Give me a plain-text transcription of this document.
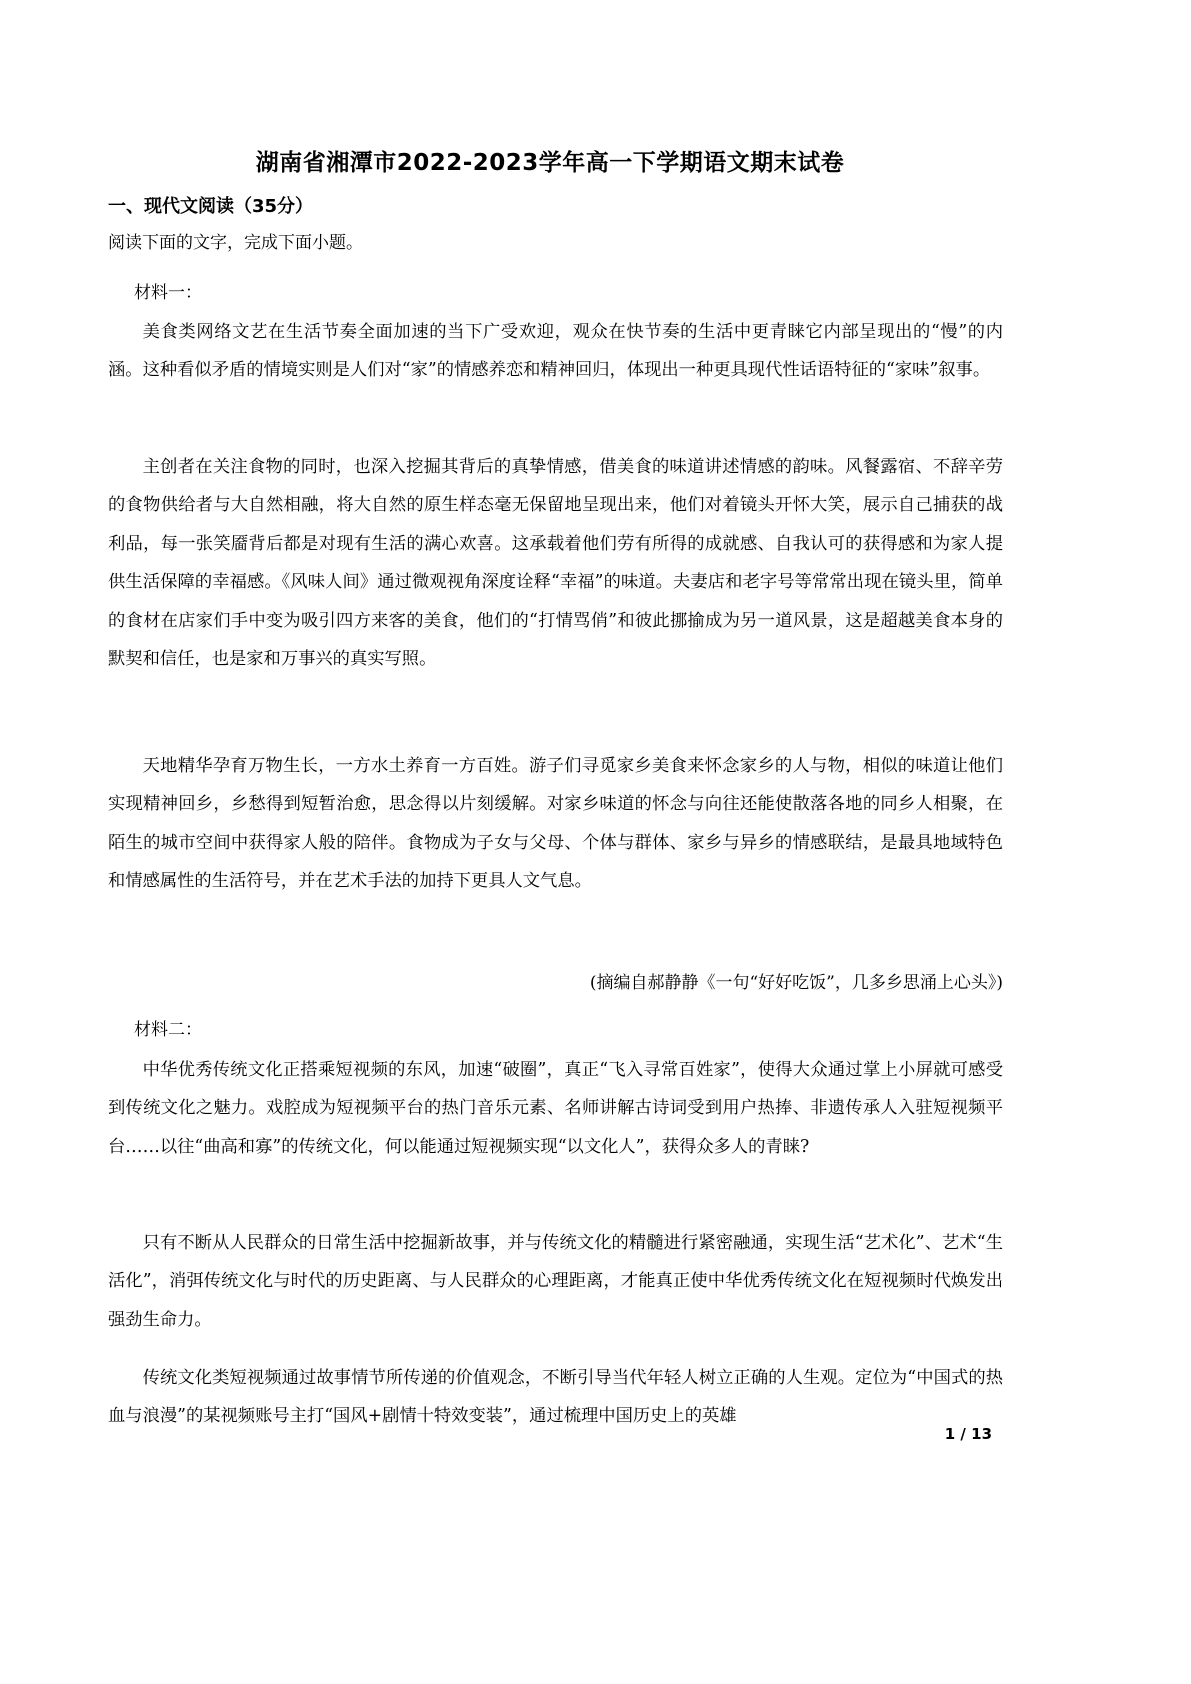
湖南省湘潭市2022-2023学年高一下学期语文期末试卷
一、现代文阅读（35分）
阅读下面的文字，完成下面小题。
材料一：

美食类网络文艺在生活节奏全面加速的当下广受欢迎，观众在快节奏的生活中更青睐它内部呈现出的“慢”的内涵。这种看似矛盾的情境实则是人们对“家”的情感养恋和精神回归，体现出一种更具现代性话语特征的“家味”叙事。

主创者在关注食物的同时，也深入挖掘其背后的真挚情感，借美食的味道讲述情感的韵味。风餐露宿、不辞辛劳的食物供给者与大自然相融，将大自然的原生样态毫无保留地呈现出来，他们对着镜头开怀大笑，展示自己捕获的战利品，每一张笑靥背后都是对现有生活的满心欢喜。这承载着他们劳有所得的成就感、自我认可的获得感和为家人提供生活保障的幸福感。《风味人间》通过微观视角深度诠释“幸福”的味道。夫妻店和老字号等常常出现在镜头里，简单的食材在店家们手中变为吸引四方来客的美食，他们的“打情骂俏”和彼此挪揄成为另一道风景，这是超越美食本身的默契和信任，也是家和万事兴的真实写照。

天地精华孕育万物生长，一方水土养育一方百姓。游子们寻觅家乡美食来怀念家乡的人与物，相似的味道让他们实现精神回乡，乡愁得到短暂治愈，思念得以片刻缓解。对家乡味道的怀念与向往还能使散落各地的同乡人相聚，在陌生的城市空间中获得家人般的陪伴。食物成为子女与父母、个体与群体、家乡与异乡的情感联结，是最具地域特色和情感属性的生活符号，并在艺术手法的加持下更具人文气息。

(摘编自郝静静《一句“好好吃饭”，几多乡思涌上心头》)
材料二：

中华优秀传统文化正搭乘短视频的东风，加速“破圈”，真正“飞入寻常百姓家”，使得大众通过掌上小屏就可感受到传统文化之魅力。戏腔成为短视频平台的热门音乐元素、名师讲解古诗词受到用户热捧、非遗传承人入驻短视频平台……以往“曲高和寡”的传统文化，何以能通过短视频实现“以文化人”，获得众多人的青睐?

只有不断从人民群众的日常生活中挖掘新故事，并与传统文化的精髓进行紧密融通，实现生活“艺术化”、艺术“生活化”，消弭传统文化与时代的历史距离、与人民群众的心理距离，才能真正使中华优秀传统文化在短视频时代焕发出强劲生命力。

传统文化类短视频通过故事情节所传递的价值观念，不断引导当代年轻人树立正确的人生观。定位为“中国式的热血与浪漫”的某视频账号主打“国风+剧情十特效变装”，通过梳理中国历史上的英雄

1 / 13
